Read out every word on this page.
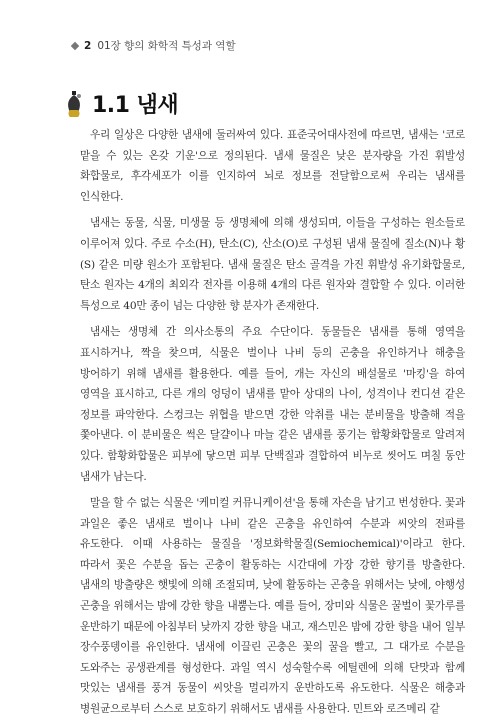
2 01장 향의 화학적 특성과 역할
1.1 냄새

우리 일상은 다양한 냄새에 둘러싸여 있다. 표준국어대사전에 따르면, 냄새는 '코로 맡을 수 있는 온갖 기운'으로 정의된다. 냄새 물질은 낮은 분자량을 가진 휘발성 화합물로, 후각세포가 이를 인지하여 뇌로 정보를 전달함으로써 우리는 냄새를 인식한다.

냄새는 동물, 식물, 미생물 등 생명체에 의해 생성되며, 이들을 구성하는 원소들로 이루어져 있다. 주로 수소(H), 탄소(C), 산소(O)로 구성된 냄새 물질에 질소(N)나 황(S) 같은 미량 원소가 포함된다. 냄새 물질은 탄소 골격을 가진 휘발성 유기화합물로, 탄소 원자는 4개의 최외각 전자를 이용해 4개의 다른 원자와 결합할 수 있다. 이러한 특성으로 40만 종이 넘는 다양한 향 분자가 존재한다.

냄새는 생명체 간 의사소통의 주요 수단이다. 동물들은 냄새를 통해 영역을 표시하거나, 짝을 찾으며, 식물은 벌이나 나비 등의 곤충을 유인하거나 해충을 방어하기 위해 냄새를 활용한다. 예를 들어, 개는 자신의 배설물로 '마킹'을 하여 영역을 표시하고, 다른 개의 엉덩이 냄새를 맡아 상대의 나이, 성격이나 컨디션 같은 정보를 파악한다. 스컹크는 위협을 받으면 강한 악취를 내는 분비물을 방출해 적을 쫓아낸다. 이 분비물은 썩은 달걀이나 마늘 같은 냄새를 풍기는 함황화합물로 알려져 있다. 함황화합물은 피부에 닿으면 피부 단백질과 결합하여 비누로 씻어도 며칠 동안 냄새가 남는다.

말을 할 수 없는 식물은 '케미컬 커뮤니케이션'을 통해 자손을 남기고 번성한다. 꽃과 과일은 좋은 냄새로 벌이나 나비 같은 곤충을 유인하여 수분과 씨앗의 전파를 유도한다. 이때 사용하는 물질을 '정보화학물질(Semiochemical)'이라고 한다. 따라서 꽃은 수분을 돕는 곤충이 활동하는 시간대에 가장 강한 향기를 방출한다. 냄새의 방출량은 햇빛에 의해 조절되며, 낮에 활동하는 곤충을 위해서는 낮에, 야행성 곤충을 위해서는 밤에 강한 향을 내뿜는다. 예를 들어, 장미와 식물은 꿀벌이 꽃가루를 운반하기 때문에 아침부터 낮까지 강한 향을 내고, 재스민은 밤에 강한 향을 내어 일부 장수풍뎅이를 유인한다. 냄새에 이끌린 곤충은 꽃의 꿀을 빨고, 그 대가로 수분을 도와주는 공생관계를 형성한다. 과일 역시 성숙할수록 에틸렌에 의해 단맛과 함께 맛있는 냄새를 풍겨 동물이 씨앗을 멀리까지 운반하도록 유도한다. 식물은 해충과 병원균으로부터 스스로 보호하기 위해서도 냄새를 사용한다. 민트와 로즈메리 같
